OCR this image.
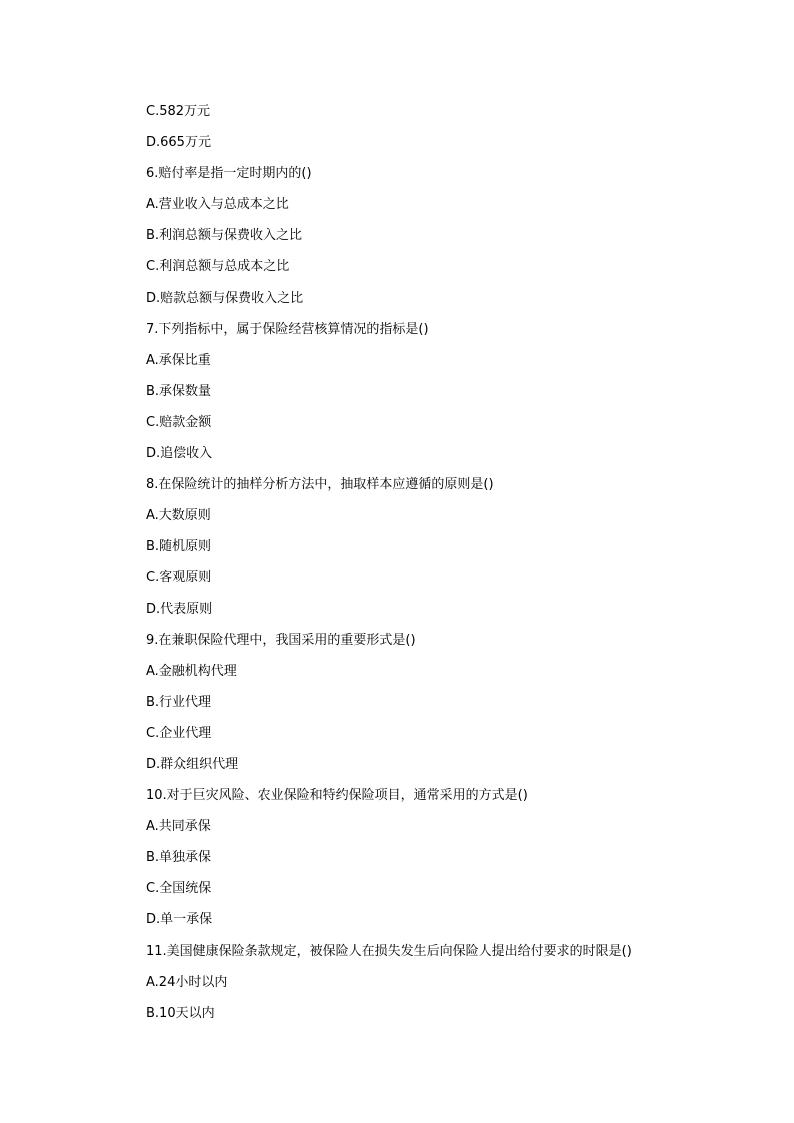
C.582万元
D.665万元
6.赔付率是指一定时期内的()
A.营业收入与总成本之比
B.利润总额与保费收入之比
C.利润总额与总成本之比
D.赔款总额与保费收入之比
7.下列指标中，属于保险经营核算情况的指标是()
A.承保比重
B.承保数量
C.赔款金额
D.追偿收入
8.在保险统计的抽样分析方法中，抽取样本应遵循的原则是()
A.大数原则
B.随机原则
C.客观原则
D.代表原则
9.在兼职保险代理中，我国采用的重要形式是()
A.金融机构代理
B.行业代理
C.企业代理
D.群众组织代理
10.对于巨灾风险、农业保险和特约保险项目，通常采用的方式是()
A.共同承保
B.单独承保
C.全国统保
D.单一承保
11.美国健康保险条款规定，被保险人在损失发生后向保险人提出给付要求的时限是()
A.24小时以内
B.10天以内
